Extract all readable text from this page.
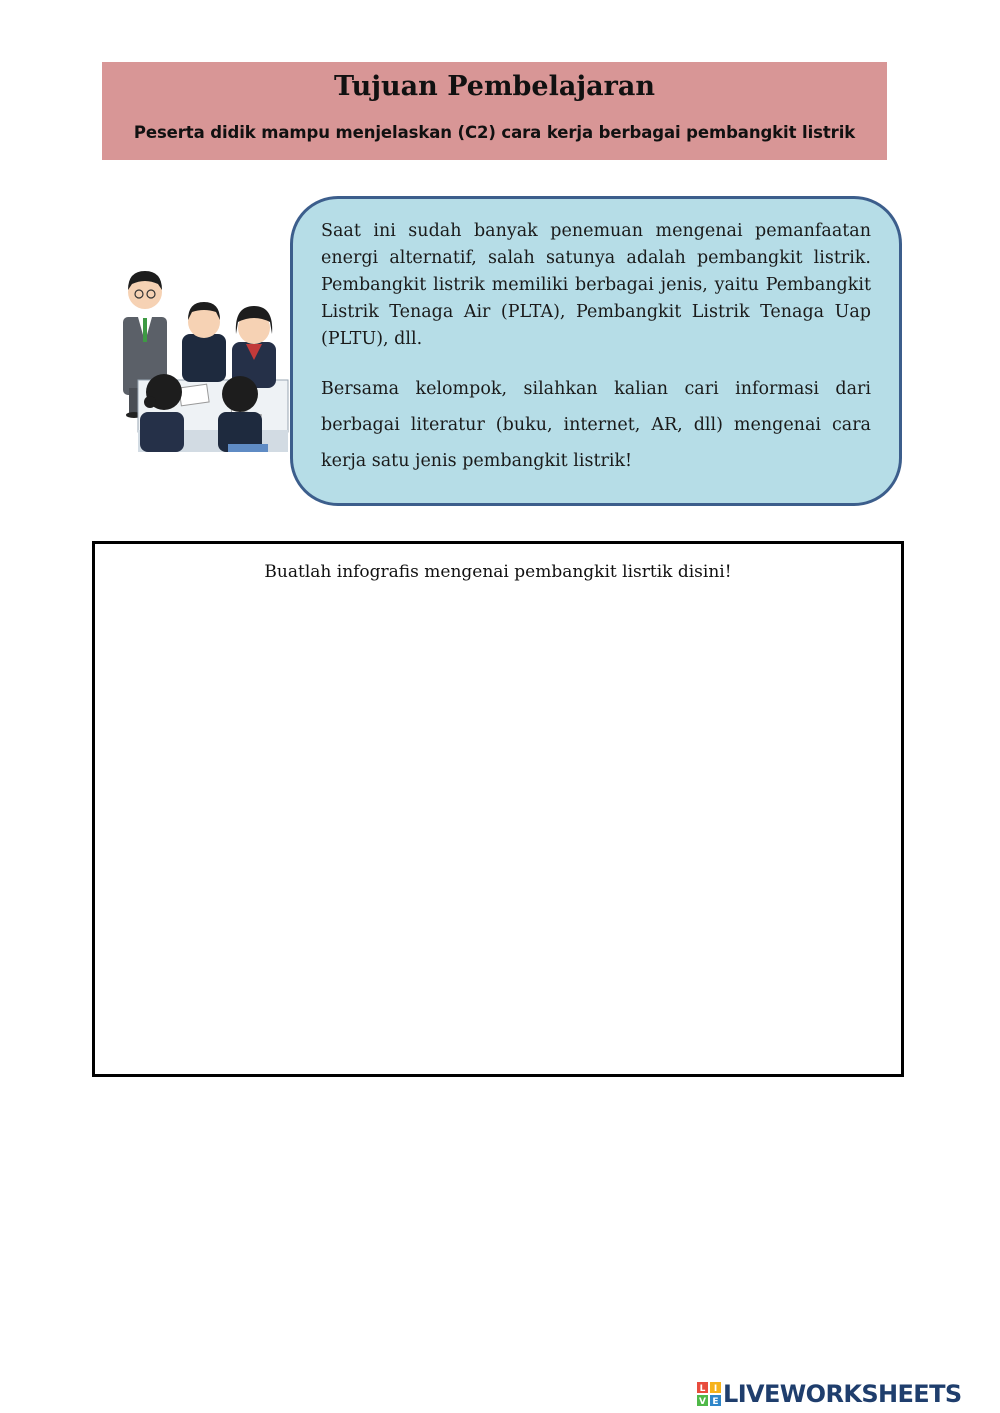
Tujuan Pembelajaran
Peserta didik mampu menjelaskan (C2) cara kerja berbagai pembangkit listrik

Saat ini sudah banyak penemuan mengenai pemanfaatan energi alternatif, salah satunya adalah pembangkit listrik. Pembangkit listrik memiliki berbagai jenis, yaitu Pembangkit Listrik Tenaga Air (PLTA), Pembangkit Listrik Tenaga Uap (PLTU), dll.

Bersama kelompok, silahkan kalian cari informasi dari berbagai literatur (buku, internet, AR, dll) mengenai cara kerja satu jenis pembangkit listrik!

Buatlah infografis mengenai pembangkit lisrtik disini!
L I
V E LIVEWORKSHEETS
